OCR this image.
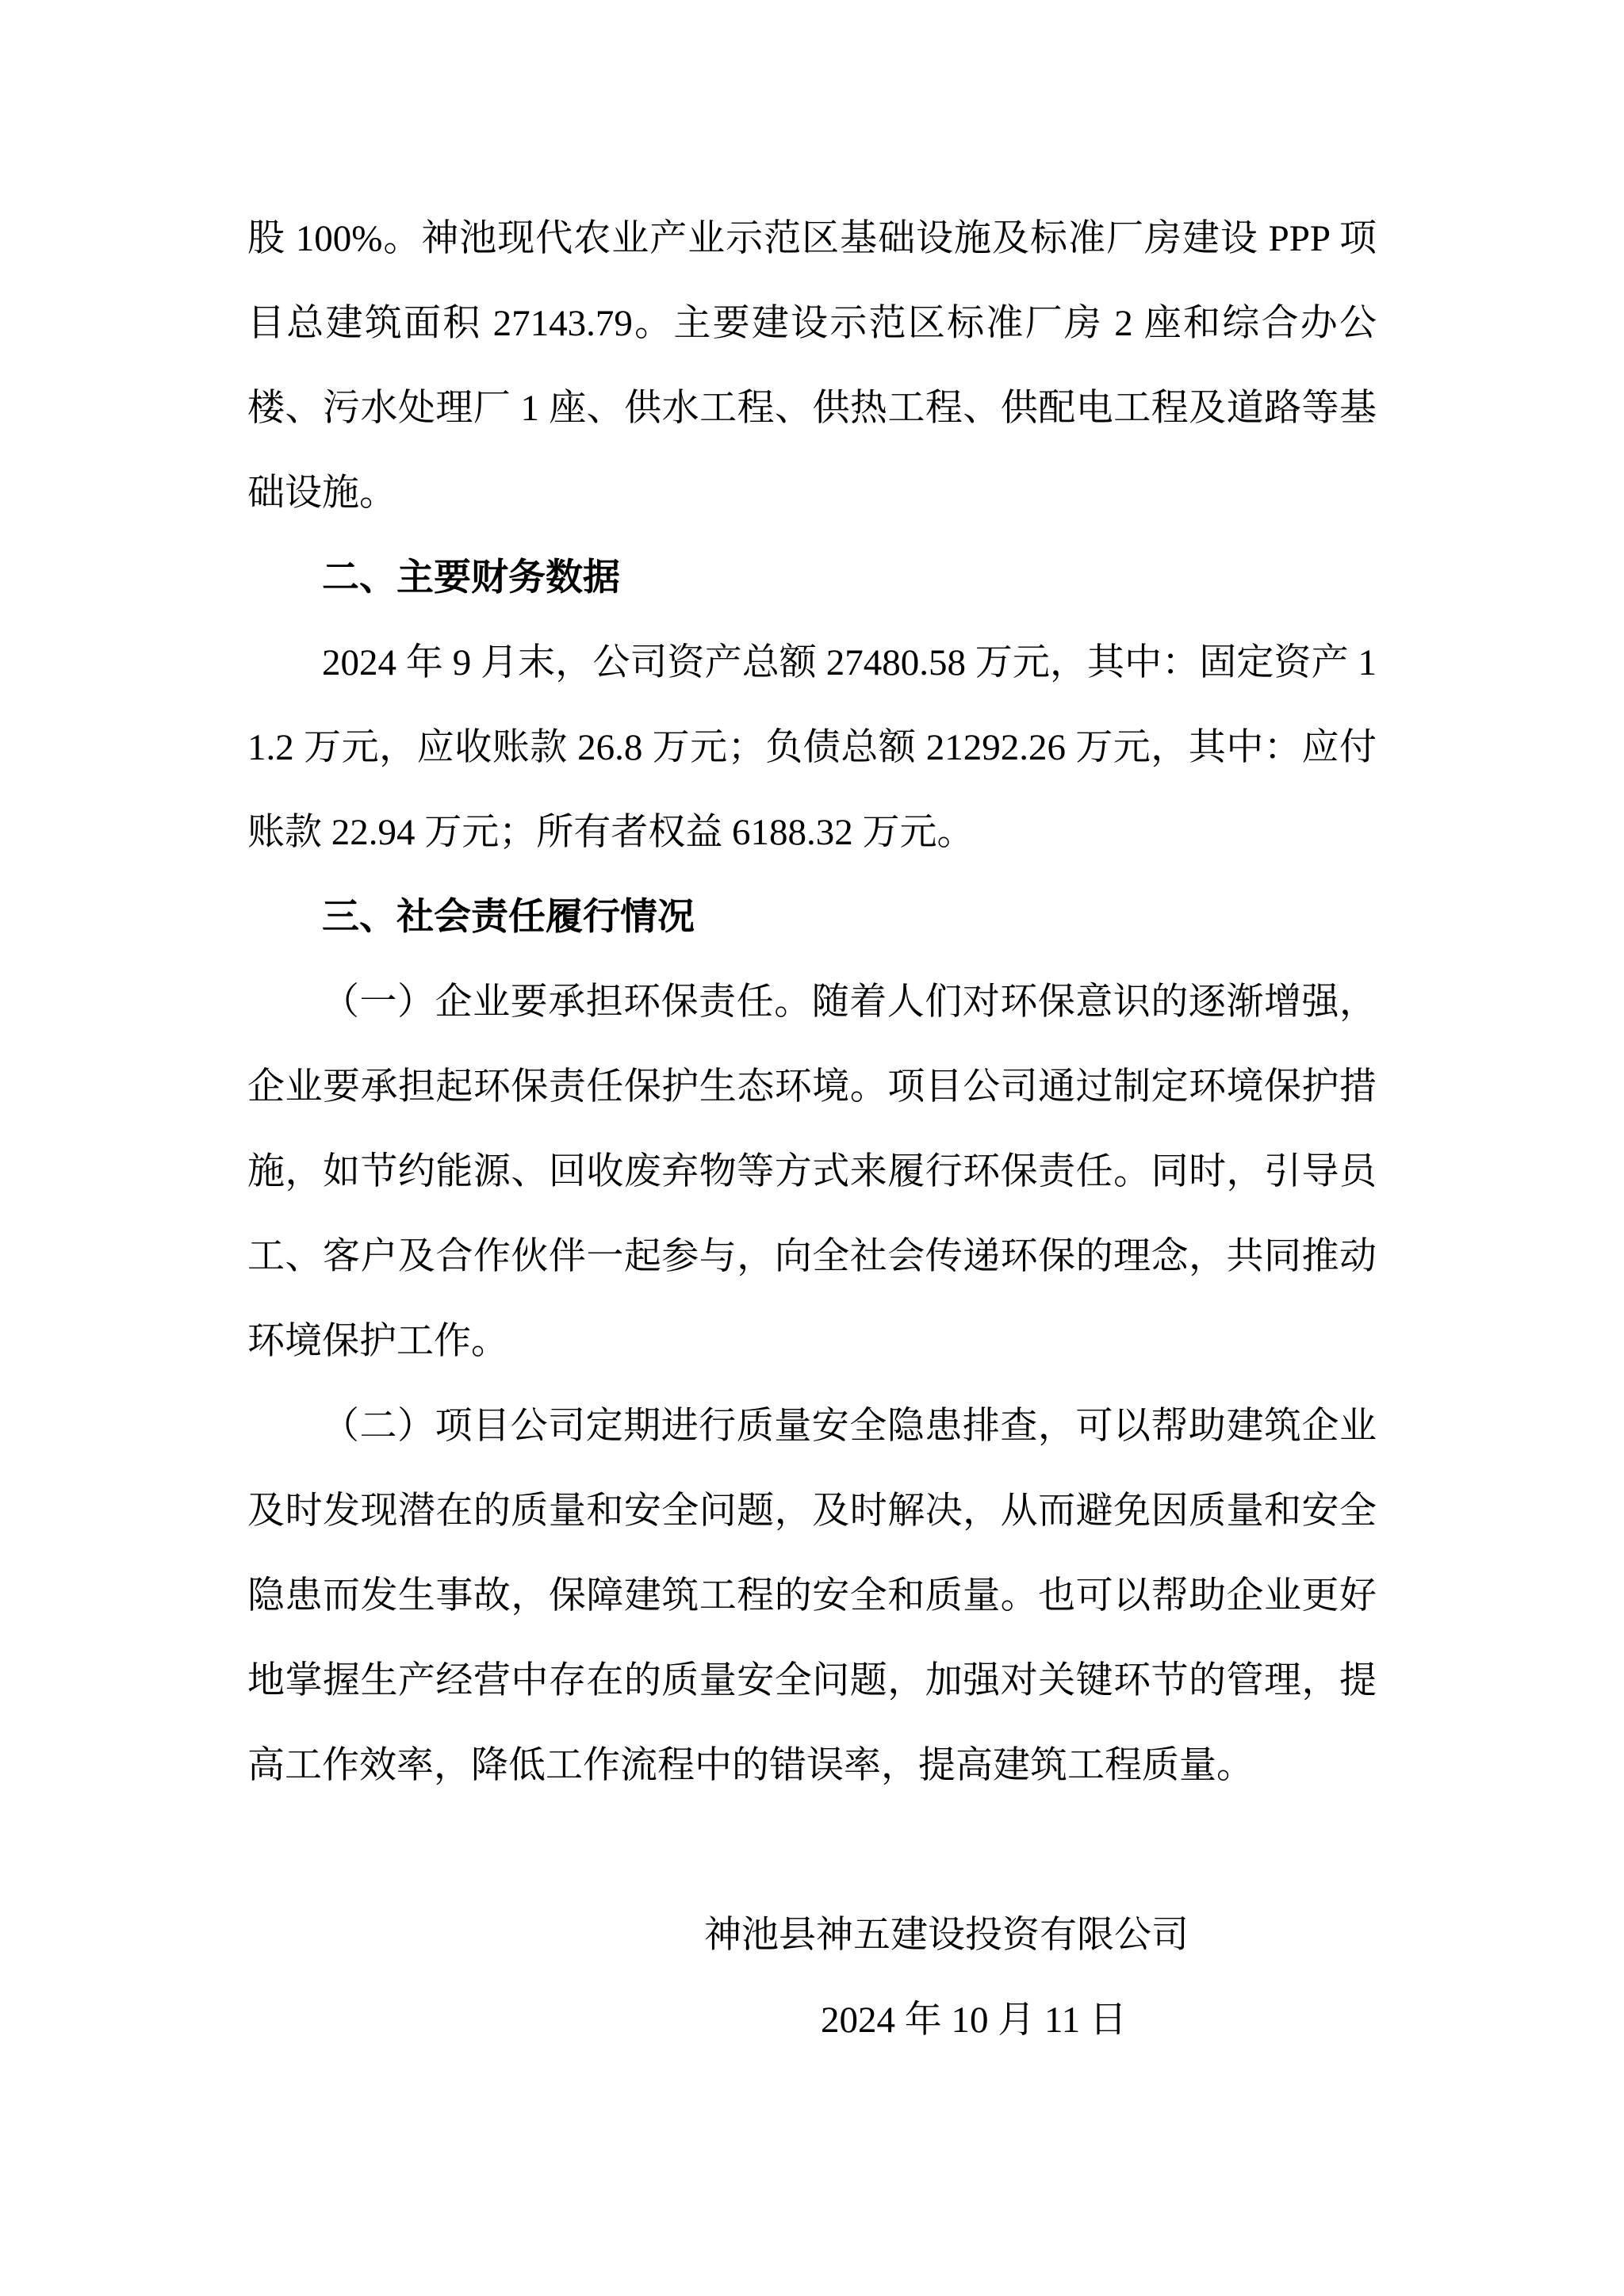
股 100%。神池现代农业产业示范区基础设施及标准厂房建设 PPP 项目总建筑面积 27143.79。主要建设示范区标准厂房 2 座和综合办公楼、污水处理厂 1 座、供水工程、供热工程、供配电工程及道路等基础设施。

二、主要财务数据

2024 年 9 月末，公司资产总额 27480.58 万元，其中：固定资产 11.2 万元，应收账款 26.8 万元；负债总额 21292.26 万元，其中：应付账款 22.94 万元；所有者权益 6188.32 万元。

三、社会责任履行情况

（一）企业要承担环保责任。随着人们对环保意识的逐渐增强，企业要承担起环保责任保护生态环境。项目公司通过制定环境保护措施，如节约能源、回收废弃物等方式来履行环保责任。同时，引导员工、客户及合作伙伴一起参与，向全社会传递环保的理念，共同推动环境保护工作。

（二）项目公司定期进行质量安全隐患排查，可以帮助建筑企业及时发现潜在的质量和安全问题，及时解决，从而避免因质量和安全隐患而发生事故，保障建筑工程的安全和质量。也可以帮助企业更好地掌握生产经营中存在的质量安全问题，加强对关键环节的管理，提高工作效率，降低工作流程中的错误率，提高建筑工程质量。

神池县神五建设投资有限公司

2024 年 10 月 11 日
